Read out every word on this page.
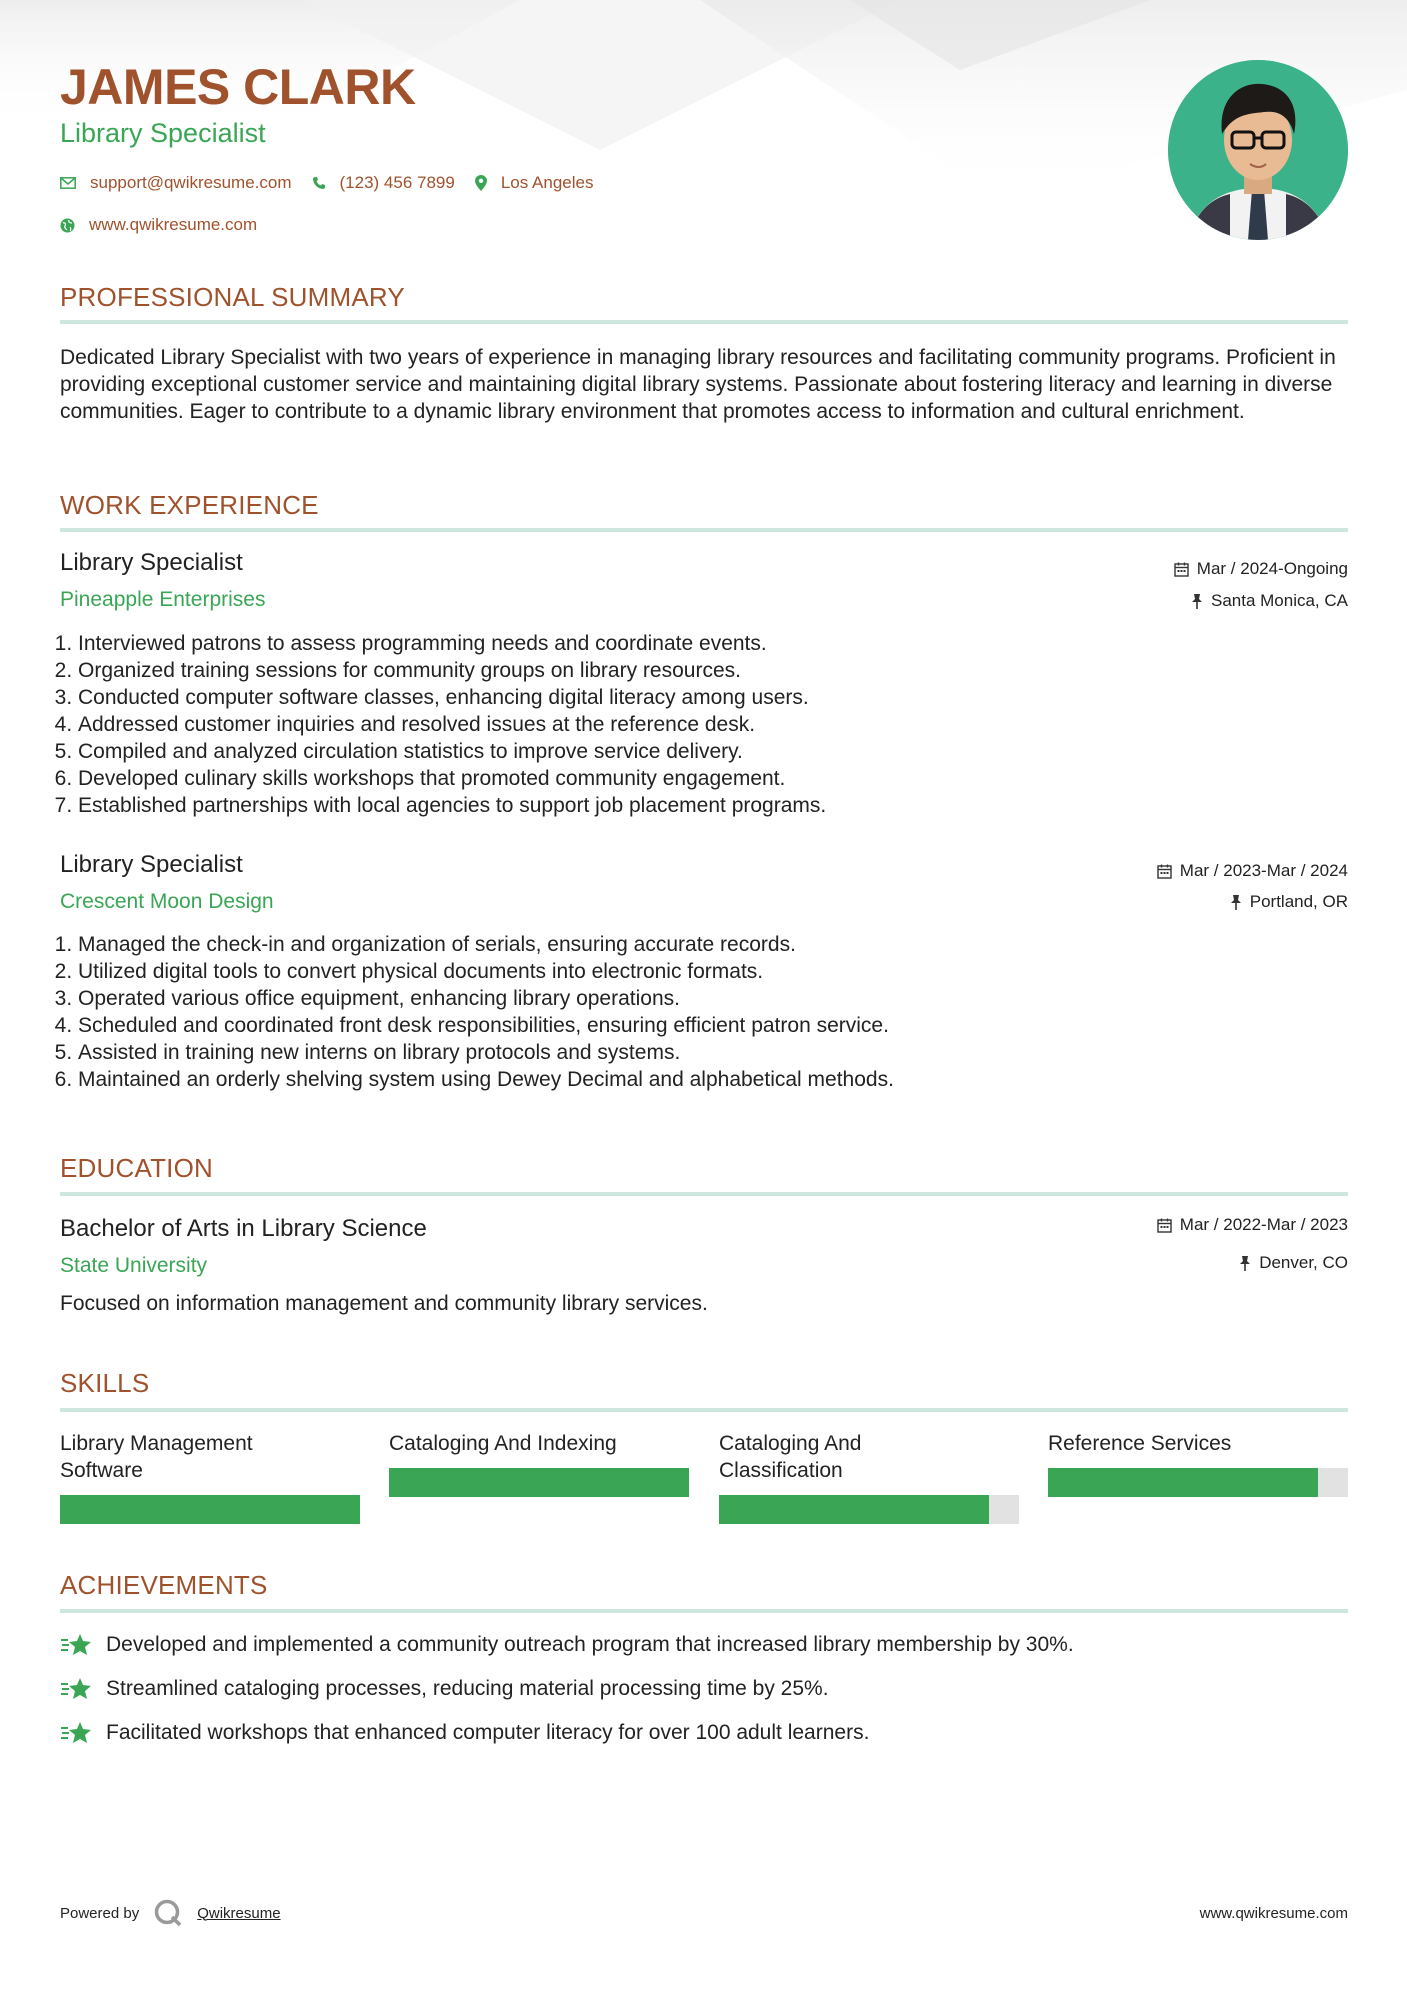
JAMES CLARK
Library Specialist
support@qwikresume.com	(123) 456 7899	Los Angeles
www.qwikresume.com
PROFESSIONAL SUMMARY
Dedicated Library Specialist with two years of experience in managing library resources and facilitating community programs. Proficient in providing exceptional customer service and maintaining digital library systems. Passionate about fostering literacy and learning in diverse communities. Eager to contribute to a dynamic library environment that promotes access to information and cultural enrichment.
WORK EXPERIENCE
Library Specialist
Pineapple Enterprises
Mar / 2024-Ongoing
Santa Monica, CA
1. Interviewed patrons to assess programming needs and coordinate events.
2. Organized training sessions for community groups on library resources.
3. Conducted computer software classes, enhancing digital literacy among users.
4. Addressed customer inquiries and resolved issues at the reference desk.
5. Compiled and analyzed circulation statistics to improve service delivery.
6. Developed culinary skills workshops that promoted community engagement.
7. Established partnerships with local agencies to support job placement programs.
Library Specialist
Crescent Moon Design
Mar / 2023-Mar / 2024
Portland, OR
1. Managed the check-in and organization of serials, ensuring accurate records.
2. Utilized digital tools to convert physical documents into electronic formats.
3. Operated various office equipment, enhancing library operations.
4. Scheduled and coordinated front desk responsibilities, ensuring efficient patron service.
5. Assisted in training new interns on library protocols and systems.
6. Maintained an orderly shelving system using Dewey Decimal and alphabetical methods.
EDUCATION
Bachelor of Arts in Library Science
State University
Mar / 2022-Mar / 2023
Denver, CO
Focused on information management and community library services.
SKILLS
Library Management Software
Cataloging And Indexing	Cataloging And Classification
Reference Services
ACHIEVEMENTS
Developed and implemented a community outreach program that increased library membership by 30%.
Streamlined cataloging processes, reducing material processing time by 25%.
Facilitated workshops that enhanced computer literacy for over 100 adult learners.
Powered by	Qwikresume	www.qwikresume.com
